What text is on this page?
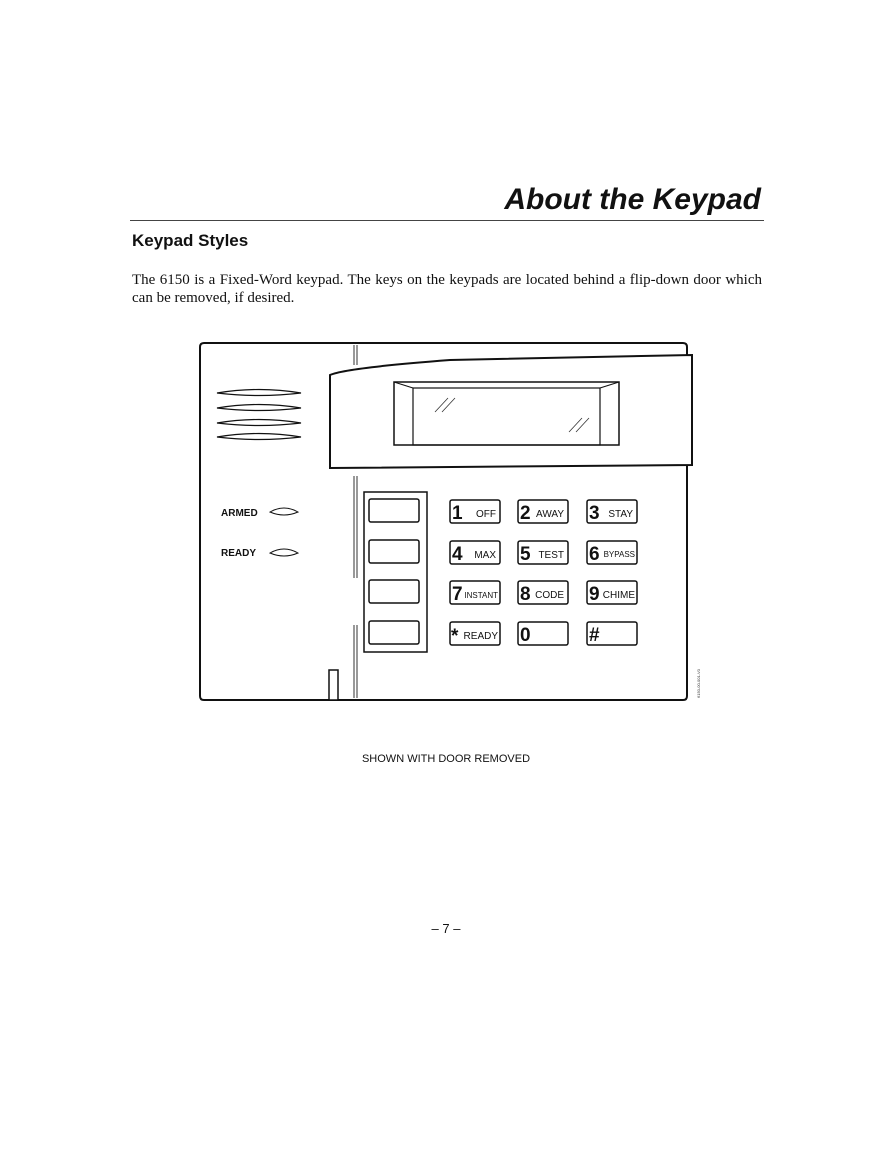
About the Keypad
Keypad Styles

The 6150 is a Fixed-Word keypad. The keys on the keypads are located behind a flip-down door which can be removed, if desired.

ARMED
READY
1 OFF 2 AWAY 3 STAY
4 MAX 5 TEST 6 BYPASS
7 INSTANT 8 CODE 9 CHIME
* READY 0	#
6150-00-001-V0
SHOWN WITH DOOR REMOVED
– 7 –
